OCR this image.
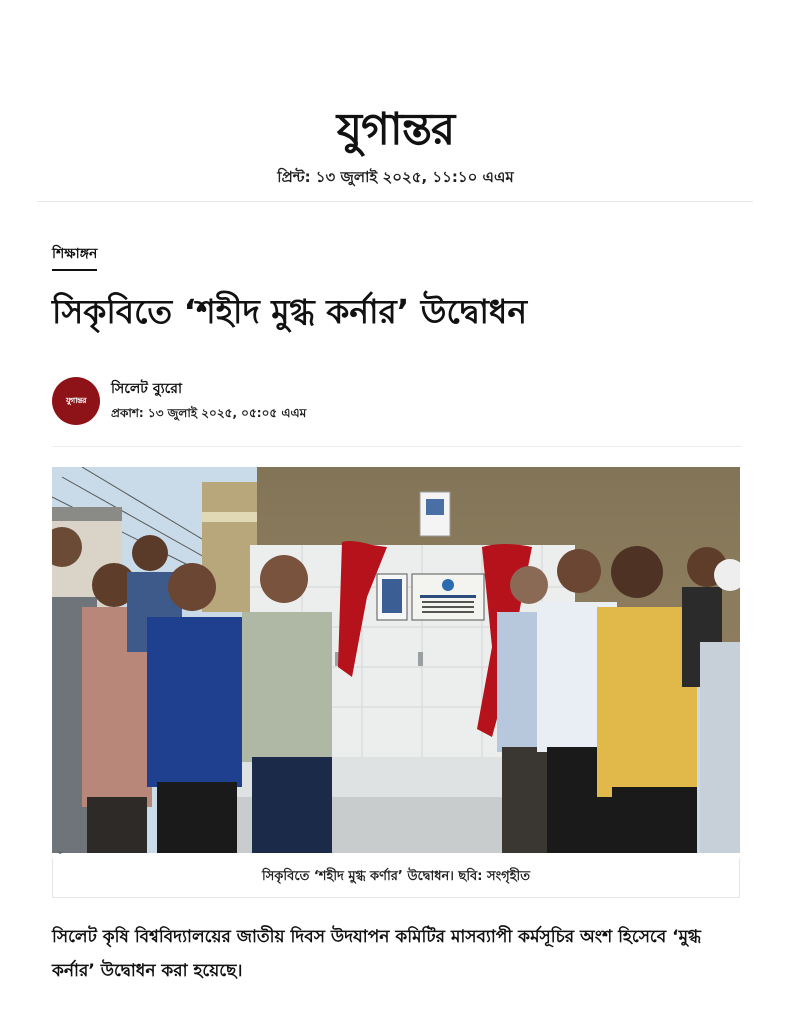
যুগান্তর
প্রিন্ট: ১৩ জুলাই ২০২৫, ১১:১০ এএম
শিক্ষাঙ্গন
সিকৃবিতে ‘শহীদ মুগ্ধ কর্নার’ উদ্বোধন
যুগান্তর
সিলেট ব্যুরো
প্রকাশ: ১৩ জুলাই ২০২৫, ০৫:০৫ এএম
⌄
সিকৃবিতে ‘শহীদ মুগ্ধ কর্ণার’ উদ্বোধন। ছবি: সংগৃহীত

সিলেট কৃষি বিশ্ববিদ্যালয়ের জাতীয় দিবস উদযাপন কমিটির মাসব্যাপী কর্মসূচির অংশ হিসেবে ‘মুগ্ধ কর্নার’ উদ্বোধন করা হয়েছে।
